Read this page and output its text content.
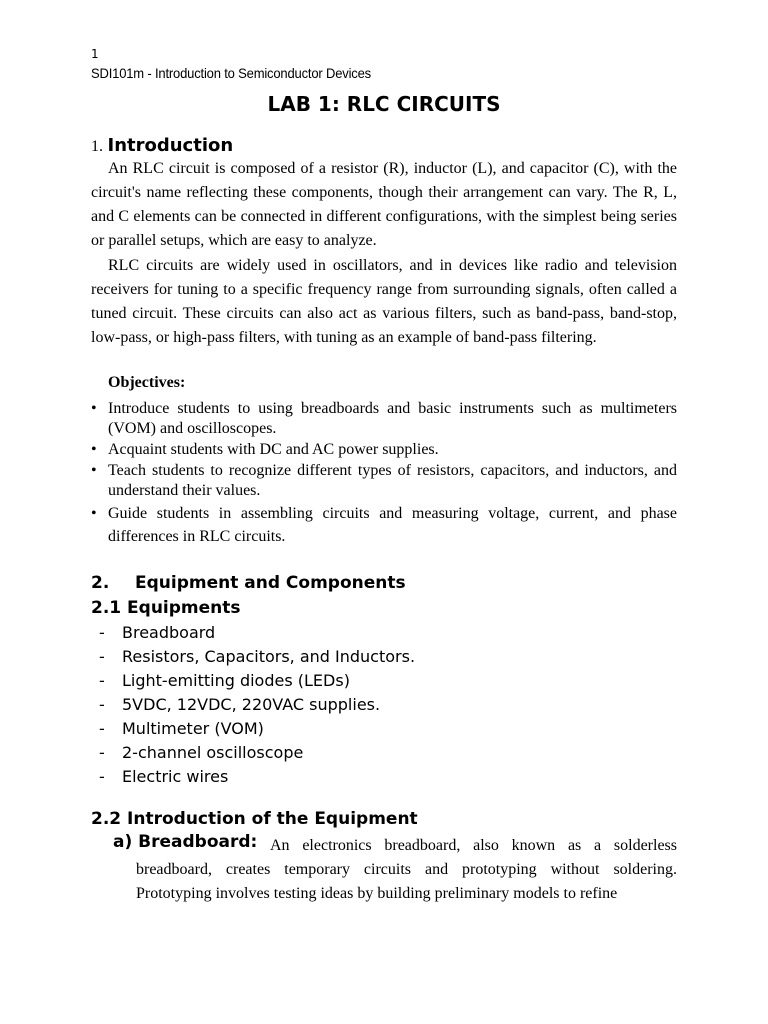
1
SDI101m - Introduction to Semiconductor Devices
LAB 1: RLC CIRCUITS
1. Introduction
An RLC circuit is composed of a resistor (R), inductor (L), and capacitor (C), with the circuit's name reflecting these components, though their arrangement can vary. The R, L, and C elements can be connected in different configurations, with the simplest being series or parallel setups, which are easy to analyze.
RLC circuits are widely used in oscillators, and in devices like radio and television receivers for tuning to a specific frequency range from surrounding signals, often called a tuned circuit. These circuits can also act as various filters, such as band-pass, band-stop, low-pass, or high-pass filters, with tuning as an example of band-pass filtering.
Objectives:
• Introduce students to using breadboards and basic instruments such as multimeters (VOM) and oscilloscopes.
• Acquaint students with DC and AC power supplies.
• Teach students to recognize different types of resistors, capacitors, and inductors, and understand their values.
• Guide students in assembling circuits and measuring voltage, current, and phase differences in RLC circuits.
2. Equipment and Components
2.1 Equipments
- Breadboard
- Resistors, Capacitors, and Inductors.
- Light-emitting diodes (LEDs)
- 5VDC, 12VDC, 220VAC supplies.
- Multimeter (VOM)
- 2-channel oscilloscope
- Electric wires
2.2 Introduction of the Equipment
a) Breadboard: An electronics breadboard, also known as a solderless breadboard, creates temporary circuits and prototyping without soldering. Prototyping involves testing ideas by building preliminary models to refine
